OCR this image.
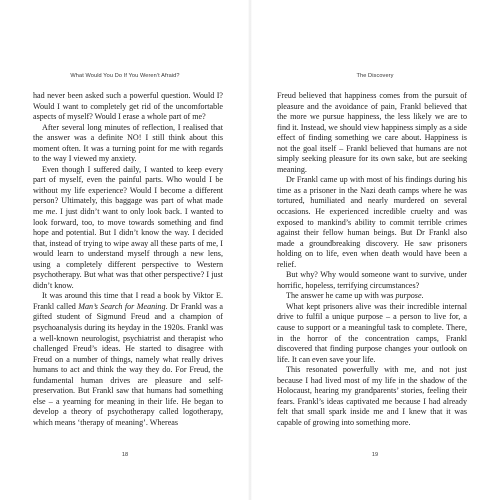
What Would You Do If You Weren’t Afraid?

had never been asked such a powerful question. Would I? Would I want to completely get rid of the uncomfortable aspects of myself? Would I erase a whole part of me?

After several long minutes of reflection, I realised that the answer was a definite NO! I still think about this moment often. It was a turning point for me with regards to the way I viewed my anxiety.

Even though I suffered daily, I wanted to keep every part of myself, even the painful parts. Who would I be without my life experience? Would I become a different person? Ultimately, this baggage was part of what made me me. I just didn’t want to only look back. I wanted to look forward, too, to move towards something and find hope and potential. But I didn’t know the way. I decided that, instead of trying to wipe away all these parts of me, I would learn to understand myself through a new lens, using a completely different perspective to Western psychotherapy. But what was that other perspective? I just didn’t know.

It was around this time that I read a book by Viktor E. Frankl called Man’s Search for Meaning. Dr Frankl was a gifted student of Sigmund Freud and a champion of psychoanalysis during its heyday in the 1920s. Frankl was a well-known neurologist, psychiatrist and therapist who challenged Freud’s ideas. He started to disagree with Freud on a number of things, namely what really drives humans to act and think the way they do. For Freud, the fundamental human drives are pleasure and self-preservation. But Frankl saw that humans had something else – a yearning for meaning in their life. He began to develop a theory of psychotherapy called logotherapy, which means ‘therapy of meaning’. Whereas

18
The Discovery

Freud believed that happiness comes from the pursuit of pleasure and the avoidance of pain, Frankl believed that the more we pursue happiness, the less likely we are to find it. Instead, we should view happiness simply as a side effect of finding something we care about. Happiness is not the goal itself – Frankl believed that humans are not simply seeking pleasure for its own sake, but are seeking meaning.

Dr Frankl came up with most of his findings during his time as a prisoner in the Nazi death camps where he was tortured, humiliated and nearly murdered on several occasions. He experienced incredible cruelty and was exposed to mankind’s ability to commit terrible crimes against their fellow human beings. But Dr Frankl also made a groundbreaking discovery. He saw prisoners holding on to life, even when death would have been a relief.

But why? Why would someone want to survive, under horrific, hopeless, terrifying circumstances?

The answer he came up with was purpose.

What kept prisoners alive was their incredible internal drive to fulfil a unique purpose – a person to live for, a cause to support or a meaningful task to complete. There, in the horror of the concentration camps, Frankl discovered that finding purpose changes your outlook on life. It can even save your life.

This resonated powerfully with me, and not just because I had lived most of my life in the shadow of the Holocaust, hearing my grandparents’ stories, feeling their fears. Frankl’s ideas captivated me because I had already felt that small spark inside me and I knew that it was capable of growing into something more.

19
